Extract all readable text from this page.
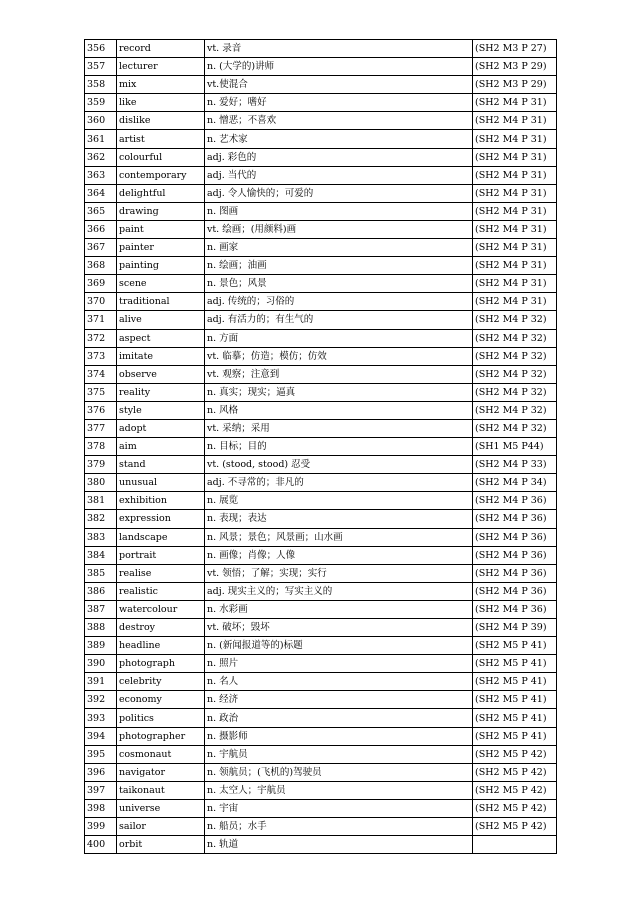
356	record	vt. 录音	(SH2 M3 P 27)
357	lecturer	n. (大学的)讲师	(SH2 M3 P 29)
358	mix	vt.使混合	(SH2 M3 P 29)
359	like	n. 爱好；嗜好	(SH2 M4 P 31)
360	dislike	n. 憎恶；不喜欢	(SH2 M4 P 31)
361	artist	n. 艺术家	(SH2 M4 P 31)
362	colourful	adj. 彩色的	(SH2 M4 P 31)
363	contemporary	adj. 当代的	(SH2 M4 P 31)
364	delightful	adj. 令人愉快的；可爱的	(SH2 M4 P 31)
365	drawing	n. 图画	(SH2 M4 P 31)
366	paint	vt. 绘画；(用颜料)画	(SH2 M4 P 31)
367	painter	n. 画家	(SH2 M4 P 31)
368	painting	n. 绘画；油画	(SH2 M4 P 31)
369	scene	n. 景色；风景	(SH2 M4 P 31)
370	traditional	adj. 传统的；习俗的	(SH2 M4 P 31)
371	alive	adj. 有活力的；有生气的	(SH2 M4 P 32)
372	aspect	n. 方面	(SH2 M4 P 32)
373	imitate	vt. 临摹；仿造；模仿；仿效	(SH2 M4 P 32)
374	observe	vt. 观察；注意到	(SH2 M4 P 32)
375	reality	n. 真实；现实；逼真	(SH2 M4 P 32)
376	style	n. 风格	(SH2 M4 P 32)
377	adopt	vt. 采纳；采用	(SH2 M4 P 32)
378	aim	n. 目标；目的	(SH1 M5 P44)
379	stand	vt. (stood, stood) 忍受	(SH2 M4 P 33)
380	unusual	adj. 不寻常的；非凡的	(SH2 M4 P 34)
381	exhibition	n. 展览	(SH2 M4 P 36)
382	expression	n. 表现；表达	(SH2 M4 P 36)
383	landscape	n. 风景；景色；风景画；山水画	(SH2 M4 P 36)
384	portrait	n. 画像；肖像；人像	(SH2 M4 P 36)
385	realise	vt. 领悟；了解；实现；实行	(SH2 M4 P 36)
386	realistic	adj. 现实主义的；写实主义的	(SH2 M4 P 36)
387	watercolour	n. 水彩画	(SH2 M4 P 36)
388	destroy	vt. 破坏；毁坏	(SH2 M4 P 39)
389	headline	n. (新闻报道等的)标题	(SH2 M5 P 41)
390	photograph	n. 照片	(SH2 M5 P 41)
391	celebrity	n. 名人	(SH2 M5 P 41)
392	economy	n. 经济	(SH2 M5 P 41)
393	politics	n. 政治	(SH2 M5 P 41)
394	photographer	n. 摄影师	(SH2 M5 P 41)
395	cosmonaut	n. 宇航员	(SH2 M5 P 42)
396	navigator	n. 领航员；(飞机的)驾驶员	(SH2 M5 P 42)
397	taikonaut	n. 太空人；宇航员	(SH2 M5 P 42)
398	universe	n. 宇宙	(SH2 M5 P 42)
399	sailor	n. 船员；水手	(SH2 M5 P 42)
400	orbit	n. 轨道	
